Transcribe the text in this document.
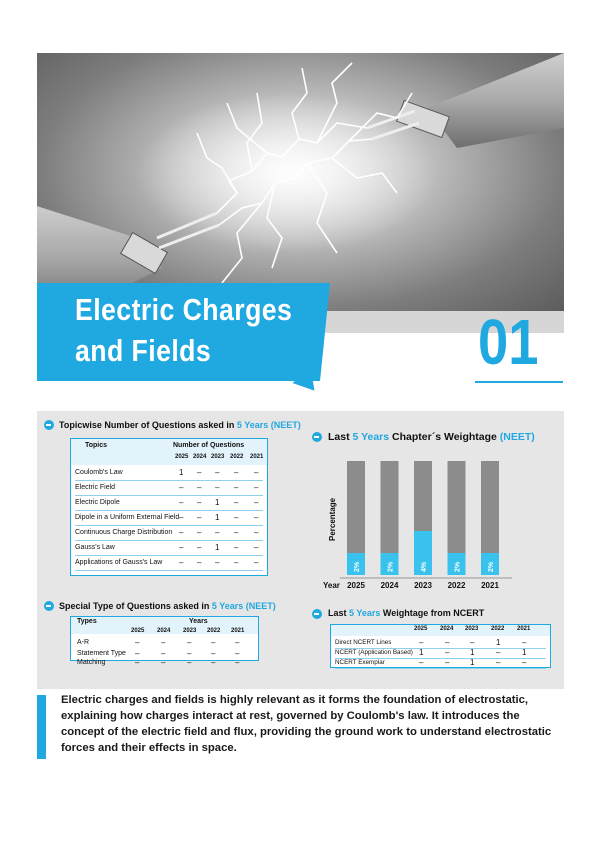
Electric Charges
and Fields	01
Topicwise Number of Questions asked in 5 Years (NEET)
Topics	Number of Questions
2025 2024 2023 2022 2021
Coulomb's Law	1 – – – –
Electric Field	– – – – –
Electric Dipole	– – 1 – –
Dipole in a Uniform External Field – – 1 – –
Continuous Charge Distribution – – – – –
Gauss's Law	– – 1 – –
Applications of Gauss's Law – – – – –
Special Type of Questions asked in 5 Years (NEET)
Types	Years
2025 2024 2023 2022 2021
A-R	–	–	– – –
Statement Type –	–	– – –
Matching	–	–	– – –
Last 5 Years Chapter´s Weightage (NEET)
2%
2025
2%
2024
4%
2023
2%
2022
2%
2021
Year
Percentage
Last 5 Years Weightage from NCERT
2025 2024 2023 2022 2021
Direct NCERT Lines	–	–	–	1	–
NCERT (Application Based) 1	–	1	–	1
NCERT Exemplar	–	–	1	–	–
Electric charges and fields is highly relevant as it forms the foundation of electrostatic, explaining how charges interact at rest, governed by Coulomb's law. It introduces the concept of the electric field and flux, providing the ground work to understand electrostatic forces and their effects in space.
